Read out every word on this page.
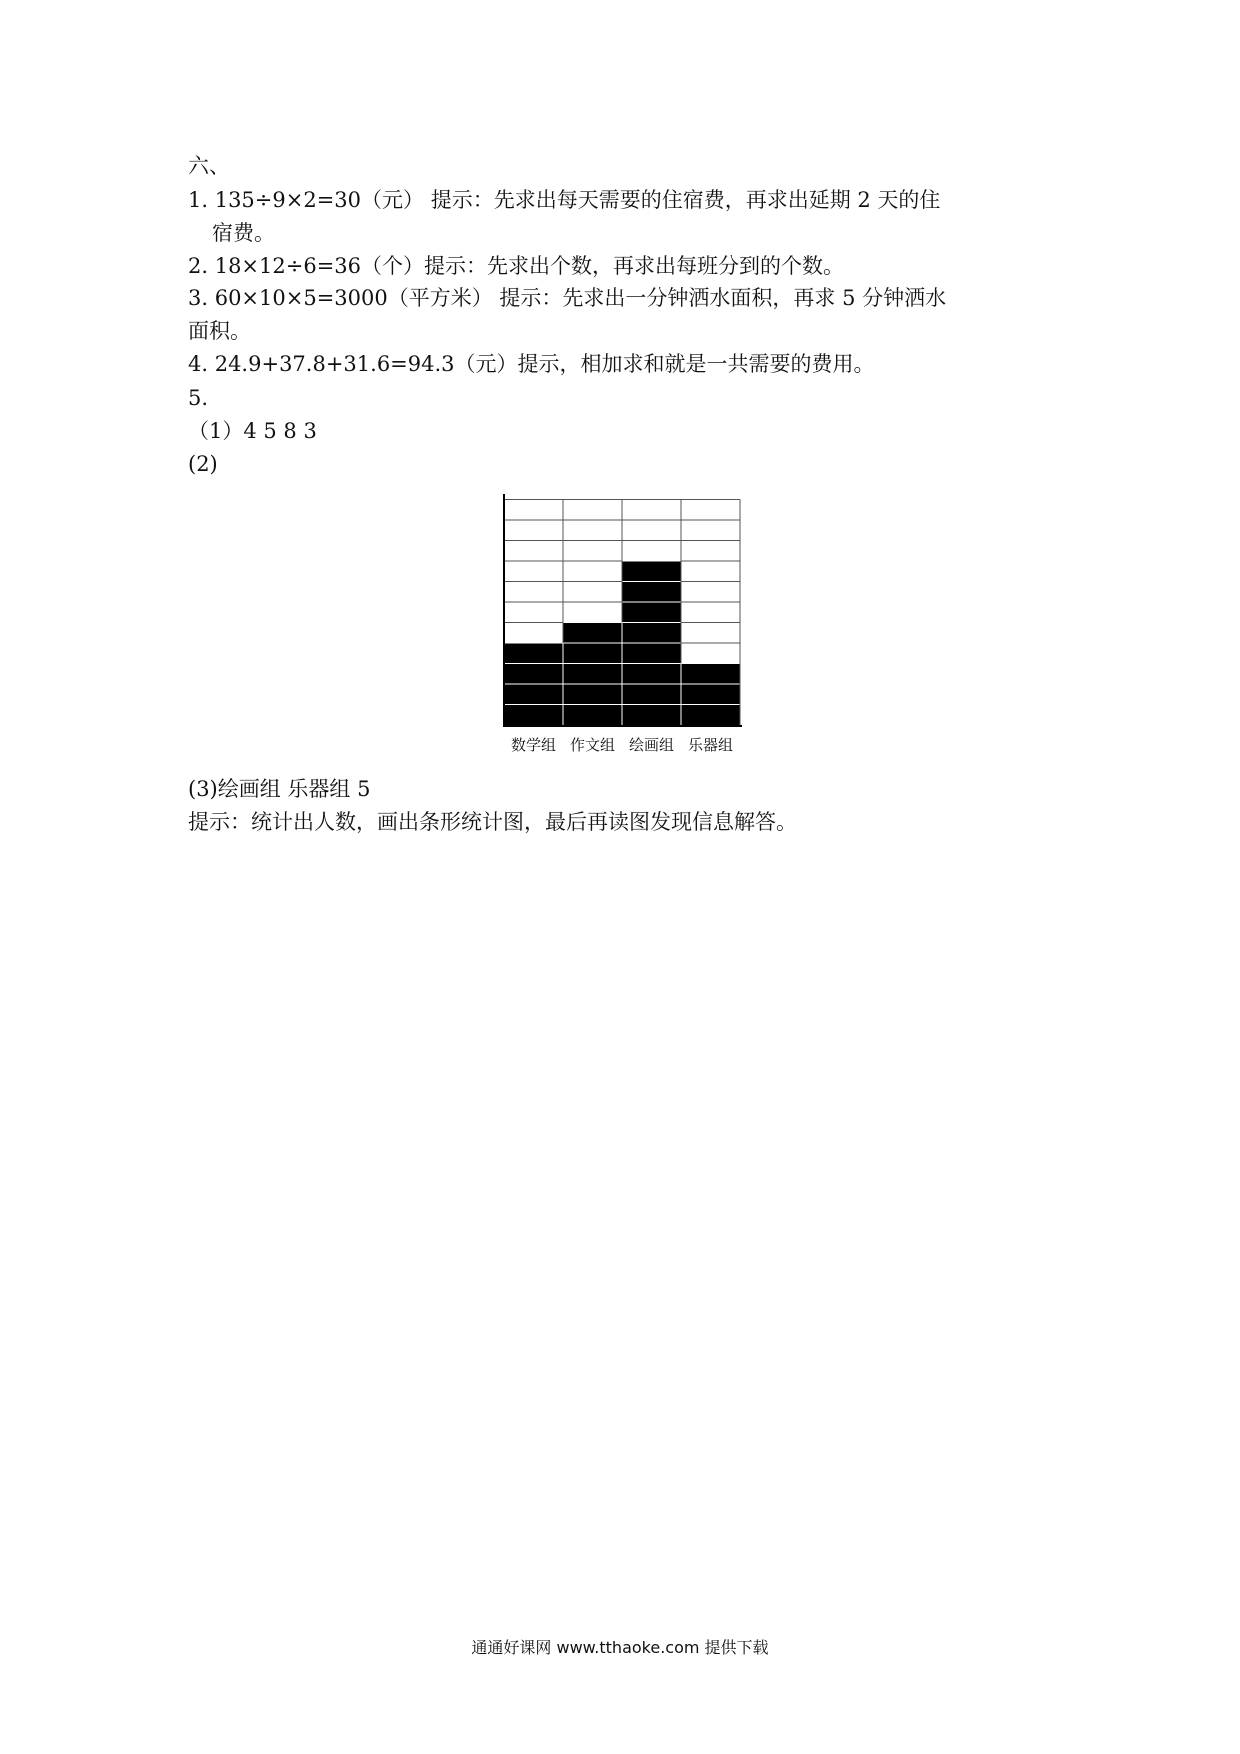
六、
1. 135÷9×2=30（元） 提示：先求出每天需要的住宿费，再求出延期 2 天的住
宿费。
2. 18×12÷6=36（个）提示：先求出个数，再求出每班分到的个数。
3. 60×10×5=3000（平方米） 提示：先求出一分钟洒水面积，再求 5 分钟洒水
面积。
4. 24.9+37.8+31.6=94.3（元）提示，相加求和就是一共需要的费用。
5.
（1）4 5 8 3
(2)
数学组 作文组 绘画组 乐器组
(3)绘画组 乐器组 5
提示：统计出人数，画出条形统计图，最后再读图发现信息解答。
通通好课网 www.tthaoke.com 提供下载
